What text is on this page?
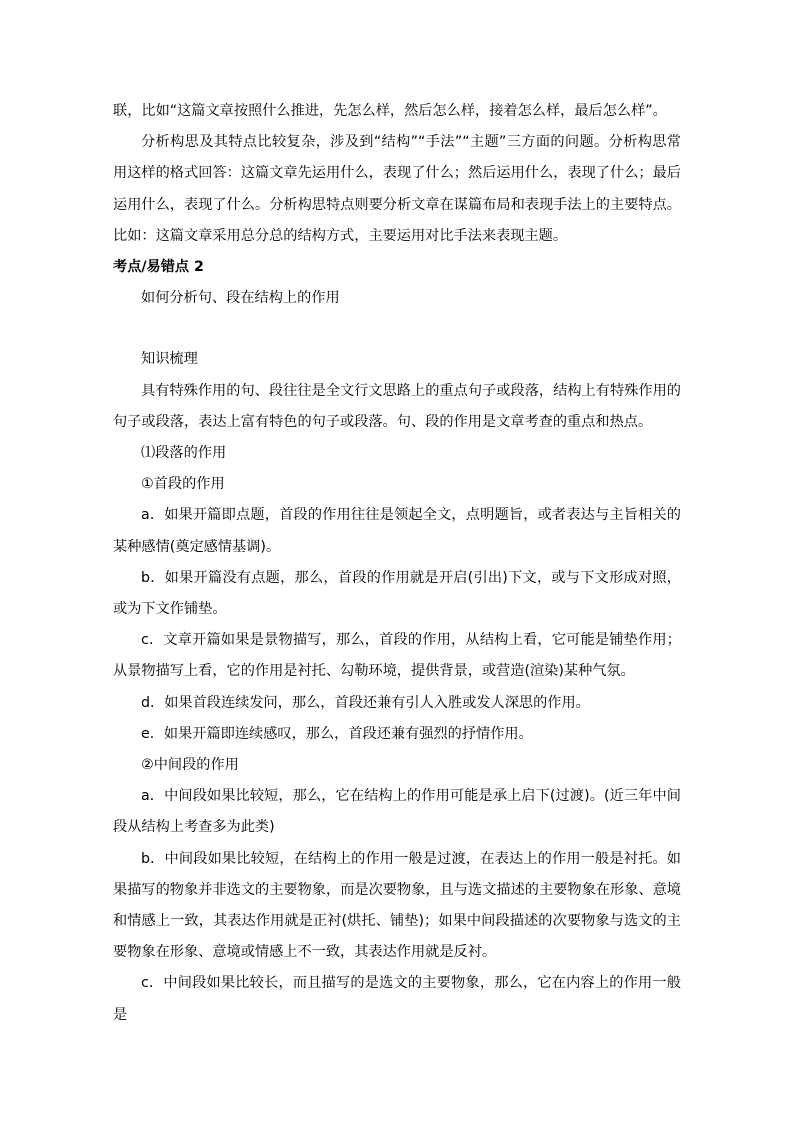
联，比如“这篇文章按照什么推进，先怎么样，然后怎么样，接着怎么样，最后怎么样”。

分析构思及其特点比较复杂，涉及到“结构”“手法”“主题”三方面的问题。分析构思常用这样的格式回答：这篇文章先运用什么，表现了什么；然后运用什么，表现了什么；最后运用什么，表现了什么。分析构思特点则要分析文章在谋篇布局和表现手法上的主要特点。比如：这篇文章采用总分总的结构方式，主要运用对比手法来表现主题。

考点/易错点 2

如何分析句、段在结构上的作用

知识梳理

具有特殊作用的句、段往往是全文行文思路上的重点句子或段落，结构上有特殊作用的句子或段落，表达上富有特色的句子或段落。句、段的作用是文章考查的重点和热点。

⑴段落的作用

①首段的作用

a．如果开篇即点题，首段的作用往往是领起全文，点明题旨，或者表达与主旨相关的某种感情(奠定感情基调)。

b．如果开篇没有点题，那么，首段的作用就是开启(引出)下文，或与下文形成对照，或为下文作铺垫。

c．文章开篇如果是景物描写，那么，首段的作用，从结构上看，它可能是铺垫作用；从景物描写上看，它的作用是衬托、勾勒环境，提供背景，或营造(渲染)某种气氛。

d．如果首段连续发问，那么，首段还兼有引人入胜或发人深思的作用。

e．如果开篇即连续感叹，那么，首段还兼有强烈的抒情作用。

②中间段的作用

a．中间段如果比较短，那么，它在结构上的作用可能是承上启下(过渡)。(近三年中间段从结构上考查多为此类)

b．中间段如果比较短，在结构上的作用一般是过渡，在表达上的作用一般是衬托。如果描写的物象并非选文的主要物象，而是次要物象，且与选文描述的主要物象在形象、意境和情感上一致，其表达作用就是正衬(烘托、铺垫)；如果中间段描述的次要物象与选文的主要物象在形象、意境或情感上不一致，其表达作用就是反衬。

c．中间段如果比较长，而且描写的是选文的主要物象，那么，它在内容上的作用一般是
